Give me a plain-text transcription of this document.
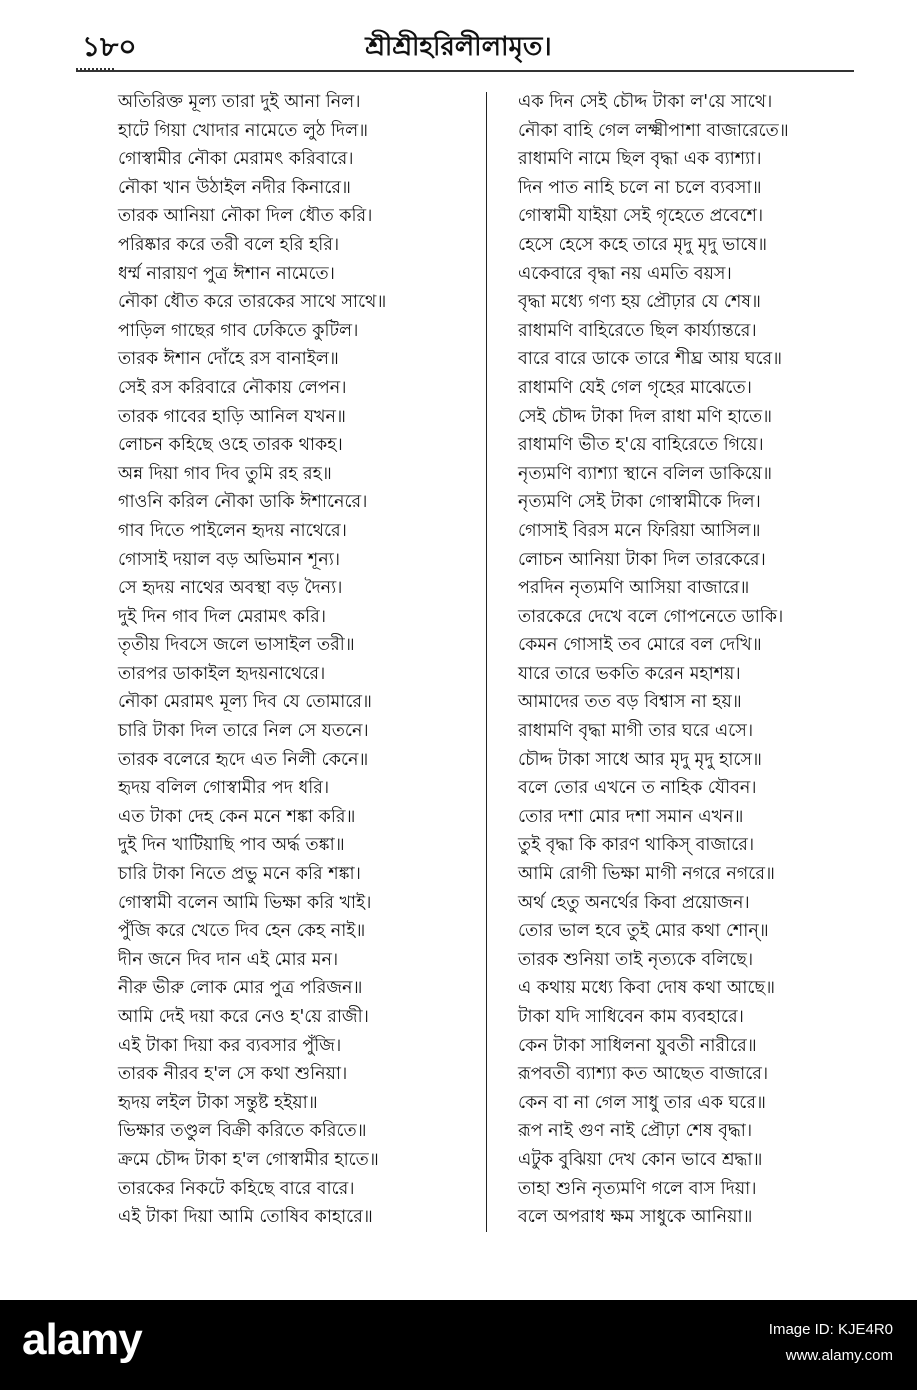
১৮০	শ্রীশ্রীহরিলীলামৃত।
অতিরিক্ত মূল্য তারা দুই আনা নিল।
হাটে গিয়া খোদার নামেতে লুঠ দিল॥
গোস্বামীর নৌকা মেরামৎ করিবারে।
নৌকা খান উঠাইল নদীর কিনারে॥
তারক আনিয়া নৌকা দিল ধৌত করি।
পরিষ্কার করে তরী বলে হরি হরি।
ধর্ম্ম নারায়ণ পুত্র ঈশান নামেতে।
নৌকা ধৌত করে তারকের সাথে সাথে॥
পাড়িল গাছের গাব ঢেকিতে কুটিল।
তারক ঈশান দোঁহে রস বানাইল॥
সেই রস করিবারে নৌকায় লেপন।
তারক গাবের হাড়ি আনিল যখন॥
লোচন কহিছে ওহে তারক থাকহ।
অন্ন দিয়া গাব দিব তুমি রহ রহ॥
গাওনি করিল নৌকা ডাকি ঈশানেরে।
গাব দিতে পাইলেন হৃদয় নাথেরে।
গোসাই দয়াল বড় অভিমান শূন্য।
সে হৃদয় নাথের অবস্থা বড় দৈন্য।
দুই দিন গাব দিল মেরামৎ করি।
তৃতীয় দিবসে জলে ভাসাইল তরী॥
তারপর ডাকাইল হৃদয়নাথেরে।
নৌকা মেরামৎ মূল্য দিব যে তোমারে॥
চারি টাকা দিল তারে নিল সে যতনে।
তারক বলেরে হৃদে এত নিলী কেনে॥
হৃদয় বলিল গোস্বামীর পদ ধরি।
এত টাকা দেহ কেন মনে শঙ্কা করি॥
দুই দিন খাটিয়াছি পাব অর্দ্ধ তঙ্কা॥
চারি টাকা নিতে প্রভু মনে করি শঙ্কা।
গোস্বামী বলেন আমি ভিক্ষা করি খাই।
পুঁজি করে খেতে দিব হেন কেহ নাই॥
দীন জনে দিব দান এই মোর মন।
নীরু ভীরু লোক মোর পুত্র পরিজন॥
আমি দেই দয়া করে নেও হ'য়ে রাজী।
এই টাকা দিয়া কর ব্যবসার পুঁজি।
তারক নীরব হ'ল সে কথা শুনিয়া।
হৃদয় লইল টাকা সন্তুষ্ট হইয়া॥
ভিক্ষার তণ্ডুল বিক্রী করিতে করিতে॥
ক্রমে চৌদ্দ টাকা হ'ল গোস্বামীর হাতে॥
তারকের নিকটে কহিছে বারে বারে।
এই টাকা দিয়া আমি তোষিব কাহারে॥
এক দিন সেই চৌদ্দ টাকা ল'য়ে সাথে।
নৌকা বাহি গেল লক্ষ্মীপাশা বাজারেতে॥
রাধামণি নামে ছিল বৃদ্ধা এক ব্যাশ্যা।
দিন পাত নাহি চলে না চলে ব্যবসা॥
গোস্বামী যাইয়া সেই গৃহেতে প্রবেশে।
হেসে হেসে কহে তারে মৃদু মৃদু ভাষে॥
একেবারে বৃদ্ধা নয় এমতি বয়স।
বৃদ্ধা মধ্যে গণ্য হয় প্রৌঢ়ার যে শেষ॥
রাধামণি বাহিরেতে ছিল কার্য্যান্তরে।
বারে বারে ডাকে তারে শীঘ্র আয় ঘরে॥
রাধামণি যেই গেল গৃহের মাঝেতে।
সেই চৌদ্দ টাকা দিল রাধা মণি হাতে॥
রাধামণি ভীত হ'য়ে বাহিরেতে গিয়ে।
নৃত্যমণি ব্যাশ্যা স্থানে বলিল ডাকিয়ে॥
নৃত্যমণি সেই টাকা গোস্বামীকে দিল।
গোসাই বিরস মনে ফিরিয়া আসিল॥
লোচন আনিয়া টাকা দিল তারকেরে।
পরদিন নৃত্যমণি আসিয়া বাজারে॥
তারকেরে দেখে বলে গোপনেতে ডাকি।
কেমন গোসাই তব মোরে বল দেখি॥
যারে তারে ভকতি করেন মহাশয়।
আমাদের তত বড় বিশ্বাস না হয়॥
রাধামণি বৃদ্ধা মাগী তার ঘরে এসে।
চৌদ্দ টাকা সাধে আর মৃদু মৃদু হাসে॥
বলে তোর এখনে ত নাহিক যৌবন।
তোর দশা মোর দশা সমান এখন॥
তুই বৃদ্ধা কি কারণ থাকিস্ বাজারে।
আমি রোগী ভিক্ষা মাগী নগরে নগরে॥
অর্থ হেতু অনর্থের কিবা প্রয়োজন।
তোর ভাল হবে তুই মোর কথা শোন্॥
তারক শুনিয়া তাই নৃত্যকে বলিছে।
এ কথায় মধ্যে কিবা দোষ কথা আছে॥
টাকা যদি সাধিবেন কাম ব্যবহারে।
কেন টাকা সাধিলনা যুবতী নারীরে॥
রূপবতী ব্যাশ্যা কত আছেত বাজারে।
কেন বা না গেল সাধু তার এক ঘরে॥
রূপ নাই গুণ নাই প্রৌঢ়া শেষ বৃদ্ধা।
এটুক বুঝিয়া দেখ কোন ভাবে শ্রদ্ধা॥
তাহা শুনি নৃত্যমণি গলে বাস দিয়া।
বলে অপরাধ ক্ষম সাধুকে আনিয়া॥
alamy	Image ID: KJE4R0
www.alamy.com
